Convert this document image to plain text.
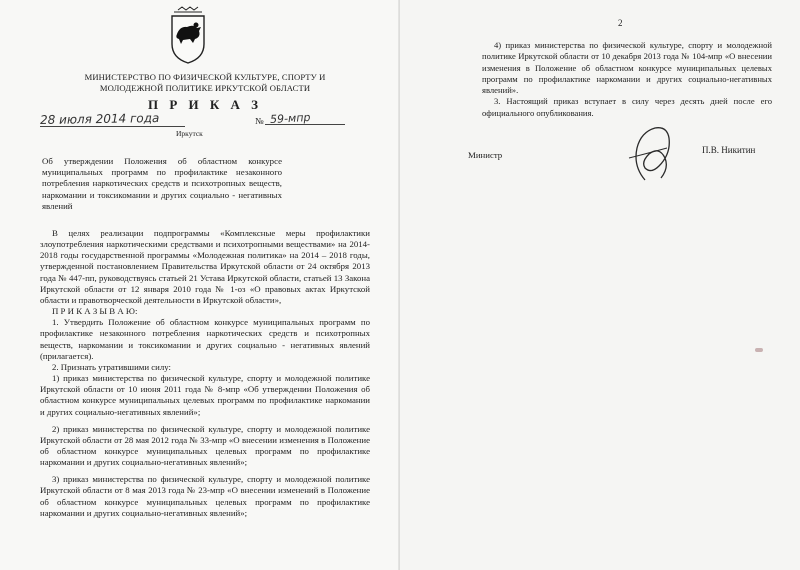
МИНИСТЕРСТВО ПО ФИЗИЧЕСКОЙ КУЛЬТУРЕ, СПОРТУ И
МОЛОДЕЖНОЙ ПОЛИТИКЕ ИРКУТСКОЙ ОБЛАСТИ
П Р И К А З
28 июля 2014 года
Иркутск
№ 59-мпр
Об утверждении Положения об областном конкурсе муниципальных программ по профилактике незаконного потребления наркотических средств и психотропных веществ, наркомании и токсикомании и других социально - негативных явлений

В целях реализации подпрограммы «Комплексные меры профилактики злоупотребления наркотическими средствами и психотропными веществами» на 2014-2018 годы государственной программы «Молодежная политика» на 2014 – 2018 годы, утвержденной постановлением Правительства Иркутской области от 24 октября 2013 года № 447-пп, руководствуясь статьей 21 Устава Иркутской области, статьей 13 Закона Иркутской области от 12 января 2010 года № 1-оз «О правовых актах Иркутской области и правотворческой деятельности в Иркутской области»,

П Р И К А З Ы В А Ю:

1. Утвердить Положение об областном конкурсе муниципальных программ по профилактике незаконного потребления наркотических средств и психотропных веществ, наркомании и токсикомании и других социально - негативных явлений (прилагается).

2. Признать утратившими силу:

1) приказ министерства по физической культуре, спорту и молодежной политике Иркутской области от 10 июня 2011 года № 8-мпр «Об утверждении Положения об областном конкурсе муниципальных целевых программ по профилактике наркомании и других социально-негативных явлений»;

2) приказ министерства по физической культуре, спорту и молодежной политике Иркутской области от 28 мая 2012 года № 33-мпр «О внесении изменения в Положение об областном конкурсе муниципальных целевых программ по профилактике наркомании и других социально-негативных явлений»;

3) приказ министерства по физической культуре, спорту и молодежной политике Иркутской области от 8 мая 2013 года № 23-мпр «О внесении изменений в Положение об областном конкурсе муниципальных целевых программ по профилактике наркомании и других социально-негативных явлений»;

2

4) приказ министерства по физической культуре, спорту и молодежной политике Иркутской области от 10 декабря 2013 года № 104-мпр «О внесении изменения в Положение об областном конкурсе муниципальных целевых программ по профилактике наркомании и других социально-негативных явлений».

3. Настоящий приказ вступает в силу через десять дней после его официального опубликования.

Министр	П.В. Никитин
